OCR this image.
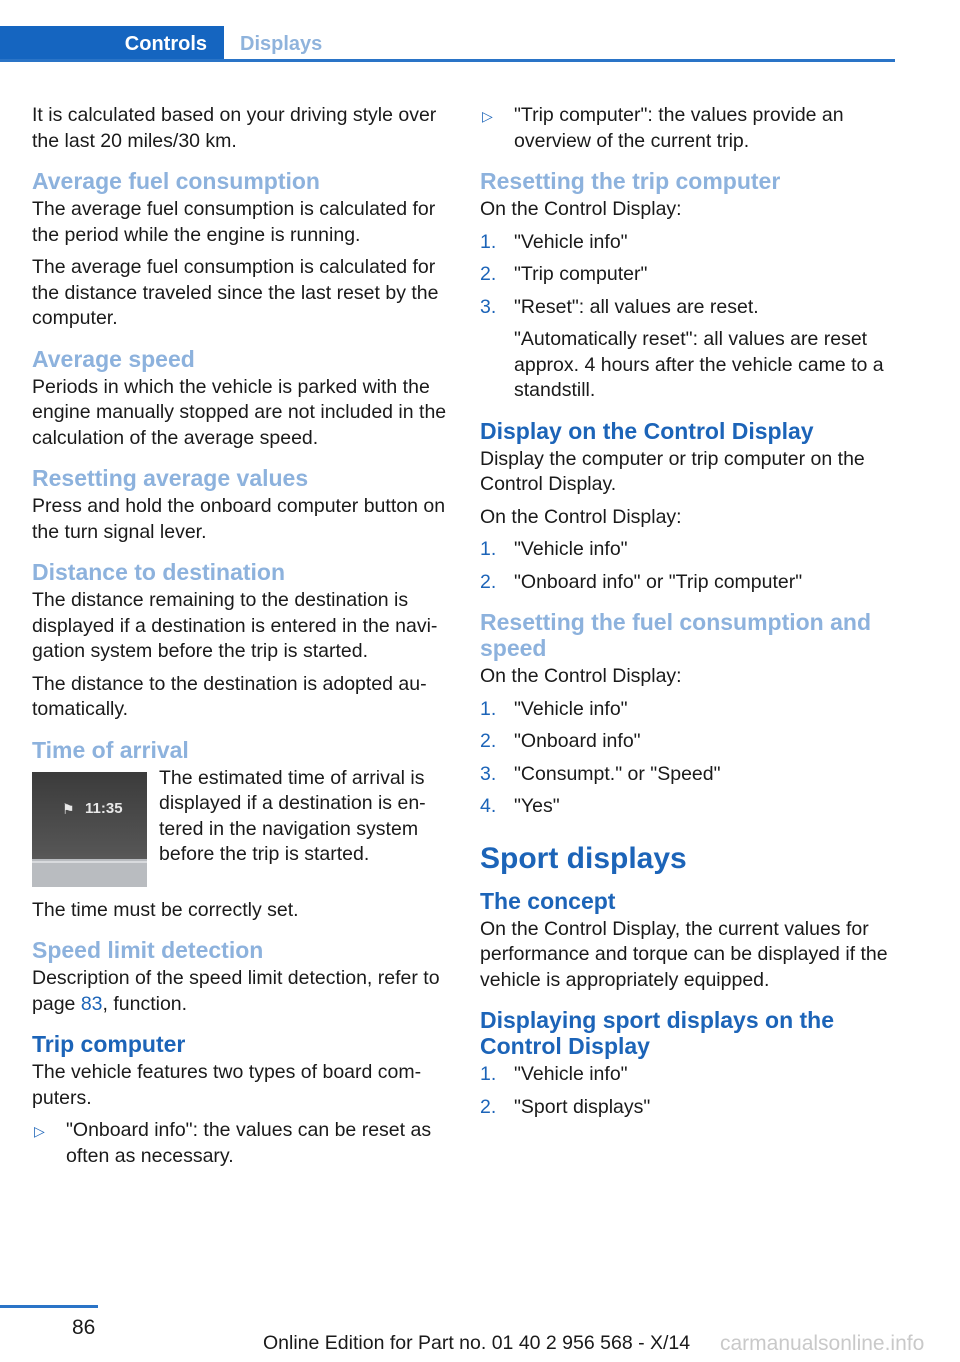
Controls	Displays

It is calculated based on your driving style over the last 20 miles/30 km.

Average fuel consumption

The average fuel consumption is calculated for the period while the engine is running.

The average fuel consumption is calculated for the distance traveled since the last reset by the computer.

Average speed

Periods in which the vehicle is parked with the engine manually stopped are not included in the calculation of the average speed.

Resetting average values

Press and hold the onboard computer button on the turn signal lever.

Distance to destination

The distance remaining to the destination is displayed if a destination is entered in the navi‐gation system before the trip is started.

The distance to the destination is adopted au‐tomatically.

Time of arrival
⚑ 11:35

The estimated time of arrival is displayed if a destination is en‐tered in the navigation system before the trip is started.

The time must be correctly set.

Speed limit detection

Description of the speed limit detection, refer to page 83, function.

Trip computer

The vehicle features two types of board com‐puters.

▷ "Onboard info": the values can be reset as often as necessary.
▷ "Trip computer": the values provide an overview of the current trip.
Resetting the trip computer

On the Control Display:

1. "Vehicle info"
2. "Trip computer"
3. "Reset": all values are reset.
"Automatically reset": all values are reset approx. 4 hours after the vehicle came to a standstill.
Display on the Control Display

Display the computer or trip computer on the Control Display.

On the Control Display:

1. "Vehicle info"
2. "Onboard info" or "Trip computer"
Resetting the fuel consumption and speed

On the Control Display:

1. "Vehicle info"
2. "Onboard info"
3. "Consumpt." or "Speed"
4. "Yes"
Sport displays
The concept

On the Control Display, the current values for performance and torque can be displayed if the vehicle is appropriately equipped.

Displaying sport displays on the Control Display
1. "Vehicle info"
2. "Sport displays"
86
Online Edition for Part no. 01 40 2 956 568 - X/14 carmanualsonline.info
